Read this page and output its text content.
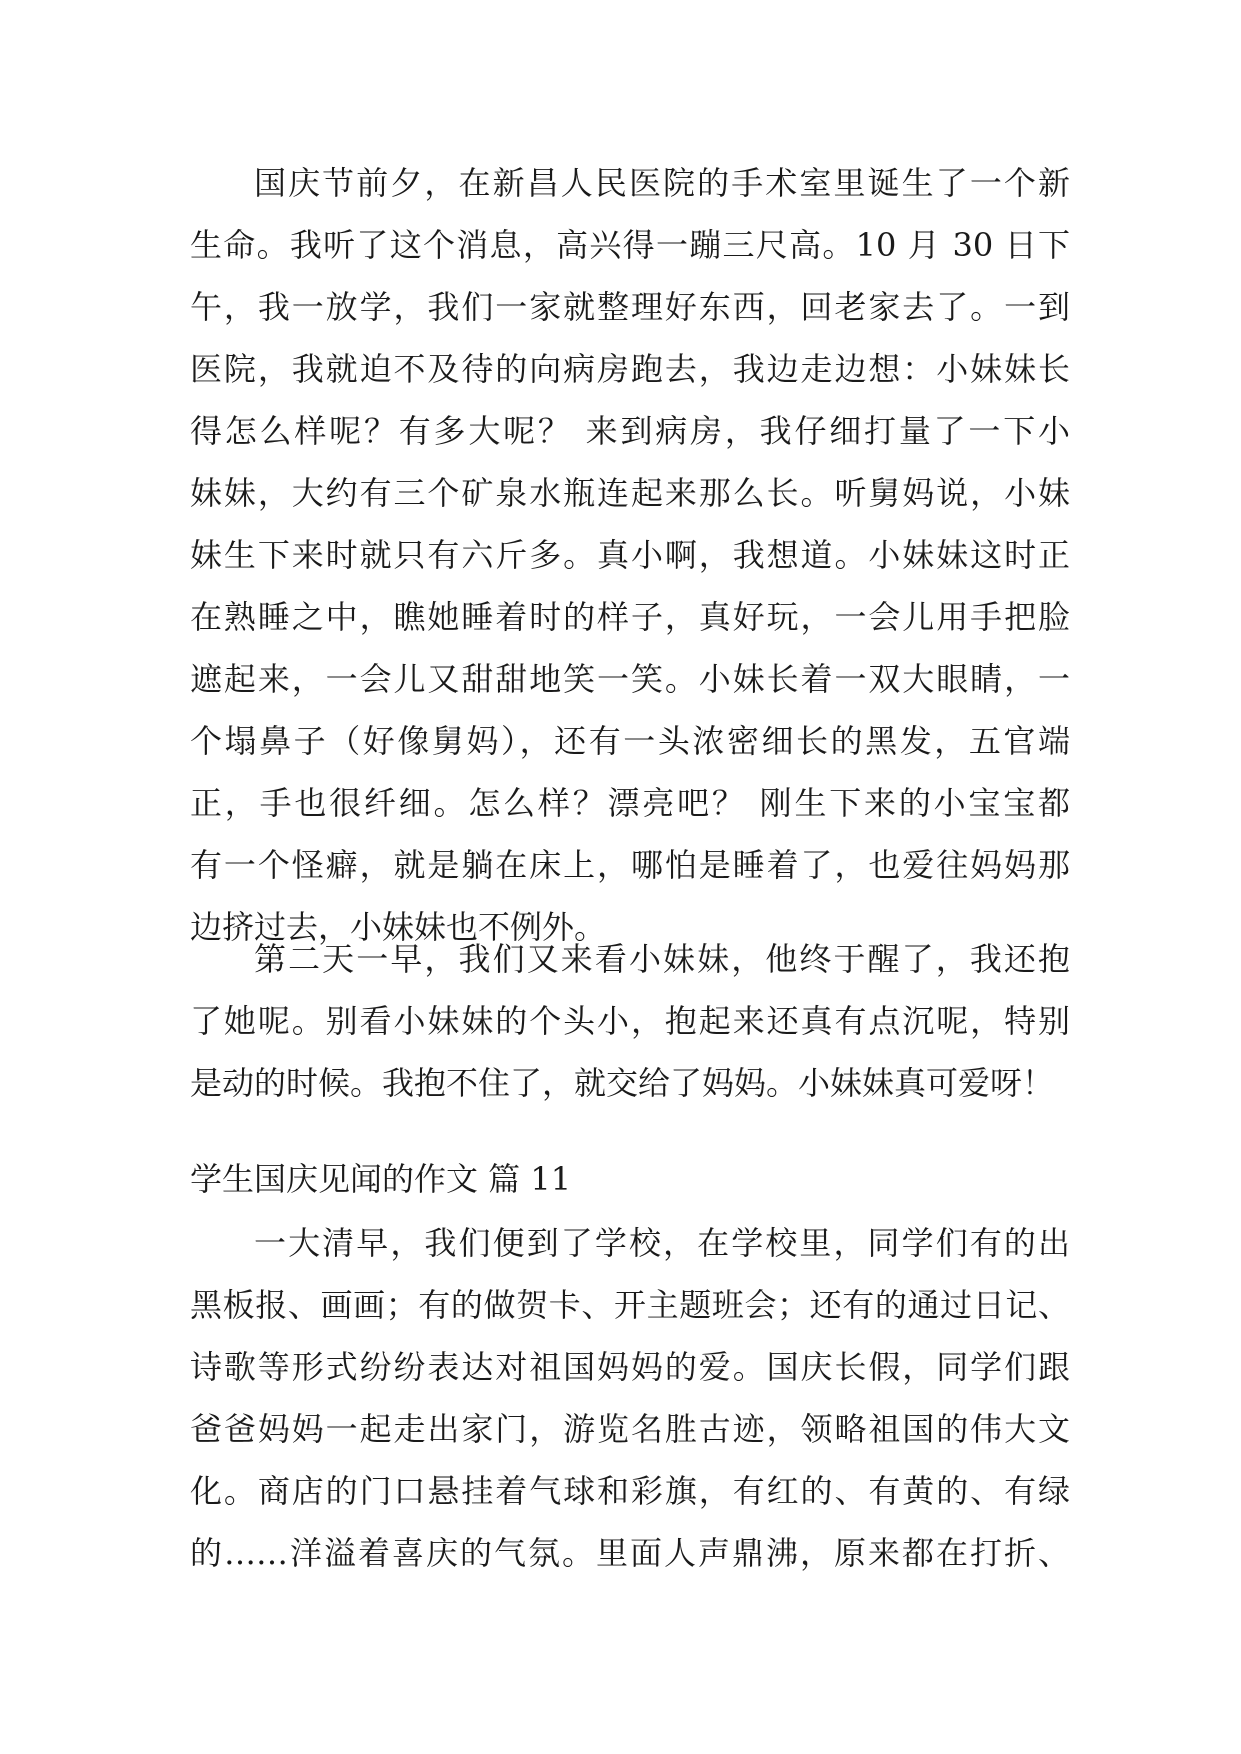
国庆节前夕，在新昌人民医院的手术室里诞生了一个新
生命。我听了这个消息，高兴得一蹦三尺高。10 月 30 日下
午，我一放学，我们一家就整理好东西，回老家去了。一到
医院，我就迫不及待的向病房跑去，我边走边想：小妹妹长
得怎么样呢？有多大呢？ 来到病房，我仔细打量了一下小
妹妹，大约有三个矿泉水瓶连起来那么长。听舅妈说，小妹
妹生下来时就只有六斤多。真小啊，我想道。小妹妹这时正
在熟睡之中，瞧她睡着时的样子，真好玩，一会儿用手把脸
遮起来，一会儿又甜甜地笑一笑。小妹长着一双大眼睛，一
个塌鼻子（好像舅妈），还有一头浓密细长的黑发，五官端
正，手也很纤细。怎么样？漂亮吧？ 刚生下来的小宝宝都
有一个怪癖，就是躺在床上，哪怕是睡着了，也爱往妈妈那
边挤过去，小妹妹也不例外。
第二天一早，我们又来看小妹妹，他终于醒了，我还抱
了她呢。别看小妹妹的个头小，抱起来还真有点沉呢，特别
是动的时候。我抱不住了，就交给了妈妈。小妹妹真可爱呀！
学生国庆见闻的作文 篇 11
一大清早，我们便到了学校，在学校里，同学们有的出
黑板报、画画；有的做贺卡、开主题班会；还有的通过日记、
诗歌等形式纷纷表达对祖国妈妈的爱。国庆长假，同学们跟
爸爸妈妈一起走出家门，游览名胜古迹，领略祖国的伟大文
化。商店的门口悬挂着气球和彩旗，有红的、有黄的、有绿
的……洋溢着喜庆的气氛。里面人声鼎沸，原来都在打折、
